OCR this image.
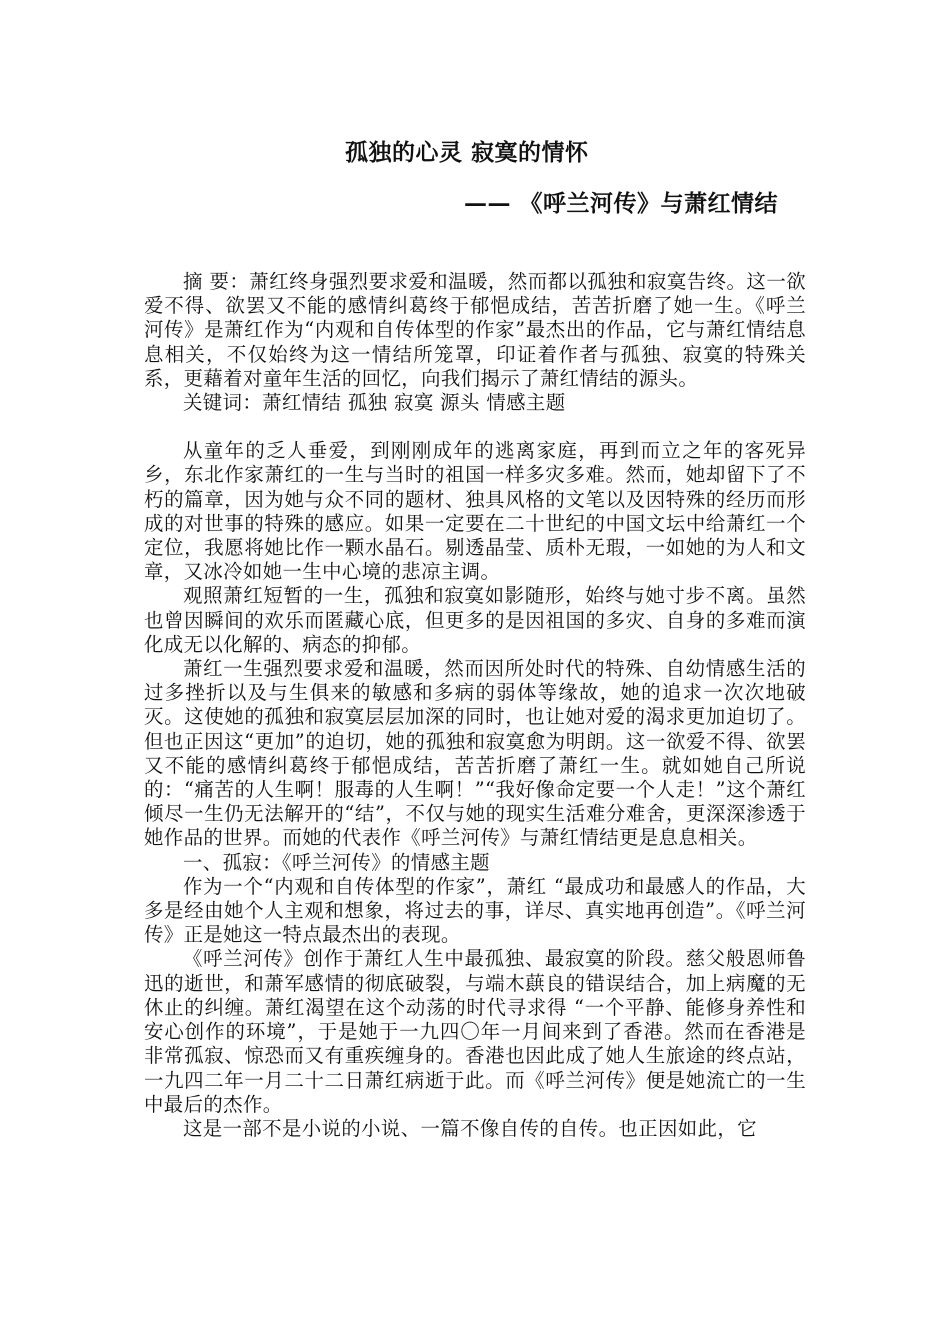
孤独的心灵 寂寞的情怀
—— 《呼兰河传》与萧红情结

摘 要：萧红终身强烈要求爱和温暖，然而都以孤独和寂寞告终。这一欲爱不得、欲罢又不能的感情纠葛终于郁悒成结，苦苦折磨了她一生。《呼兰河传》是萧红作为“内观和自传体型的作家”最杰出的作品，它与萧红情结息息相关，不仅始终为这一情结所笼罩，印证着作者与孤独、寂寞的特殊关系，更藉着对童年生活的回忆，向我们揭示了萧红情结的源头。

关键词：萧红情结 孤独 寂寞 源头 情感主题

从童年的乏人垂爱，到刚刚成年的逃离家庭，再到而立之年的客死异乡，东北作家萧红的一生与当时的祖国一样多灾多难。然而，她却留下了不朽的篇章，因为她与众不同的题材、独具风格的文笔以及因特殊的经历而形成的对世事的特殊的感应。如果一定要在二十世纪的中国文坛中给萧红一个定位，我愿将她比作一颗水晶石。剔透晶莹、质朴无瑕，一如她的为人和文章，又冰冷如她一生中心境的悲凉主调。

观照萧红短暂的一生，孤独和寂寞如影随形，始终与她寸步不离。虽然也曾因瞬间的欢乐而匿藏心底，但更多的是因祖国的多灾、自身的多难而演化成无以化解的、病态的抑郁。

萧红一生强烈要求爱和温暖，然而因所处时代的特殊、自幼情感生活的过多挫折以及与生俱来的敏感和多病的弱体等缘故，她的追求一次次地破灭。这使她的孤独和寂寞层层加深的同时，也让她对爱的渴求更加迫切了。但也正因这“更加”的迫切，她的孤独和寂寞愈为明朗。这一欲爱不得、欲罢又不能的感情纠葛终于郁悒成结，苦苦折磨了萧红一生。就如她自己所说的：“痛苦的人生啊！服毒的人生啊！”“我好像命定要一个人走！”这个萧红倾尽一生仍无法解开的“结”，不仅与她的现实生活难分难舍，更深深渗透于她作品的世界。而她的代表作《呼兰河传》与萧红情结更是息息相关。

一、孤寂：《呼兰河传》的情感主题

作为一个“内观和自传体型的作家”，萧红 “最成功和最感人的作品，大多是经由她个人主观和想象，将过去的事，详尽、真实地再创造”。《呼兰河传》正是她这一特点最杰出的表现。

《呼兰河传》创作于萧红人生中最孤独、最寂寞的阶段。慈父般恩师鲁迅的逝世，和萧军感情的彻底破裂，与端木蕻良的错误结合，加上病魔的无休止的纠缠。萧红渴望在这个动荡的时代寻求得 “一个平静、能修身养性和安心创作的环境”，于是她于一九四〇年一月间来到了香港。然而在香港是非常孤寂、惊恐而又有重疾缠身的。香港也因此成了她人生旅途的终点站，一九四二年一月二十二日萧红病逝于此。而《呼兰河传》便是她流亡的一生中最后的杰作。

这是一部不是小说的小说、一篇不像自传的自传。也正因如此，它
